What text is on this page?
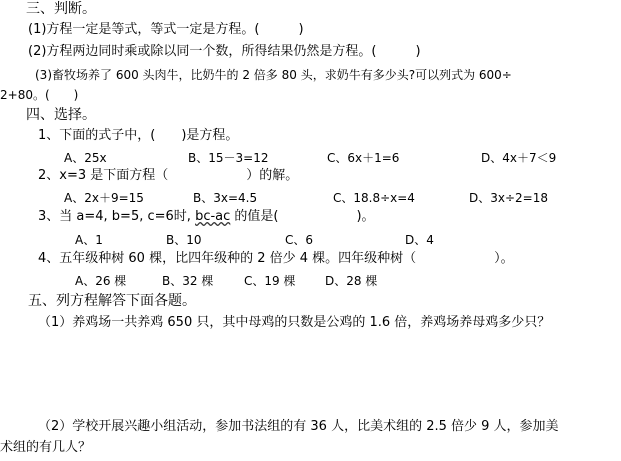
三、判断。
(1)方程一定是等式，等式一定是方程。(　　　)
(2)方程两边同时乘或除以同一个数，所得结果仍然是方程。(　　　)
(3)畜牧场养了 600 头肉牛，比奶牛的 2 倍多 80 头，求奶牛有多少头?可以列式为 600÷
2+80。(　　)
四、选择。
1、下面的式子中，(　　)是方程。
A、25x	B、15－3=12	C、6x＋1=6	D、4x＋7＜9
2、x=3 是下面方程（　　　　　　）的解。
A、2x＋9=15	B、3x=4.5	C、18.8÷x=4	D、3x÷2=18
3、当 a=4, b=5, c=6时, bc-ac 的值是(　　　　　　)。
A、1	B、10	C、6	D、4
4、五年级种树 60 棵，比四年级种的 2 倍少 4 棵。四年级种树（　　　　　　）。
A、26 棵	B、32 棵	C、19 棵 D、28 棵
五、列方程解答下面各题。
（1）养鸡场一共养鸡 650 只，其中母鸡的只数是公鸡的 1.6 倍，养鸡场养母鸡多少只？
（2）学校开展兴趣小组活动，参加书法组的有 36 人，比美术组的 2.5 倍少 9 人，参加美
术组的有几人？
